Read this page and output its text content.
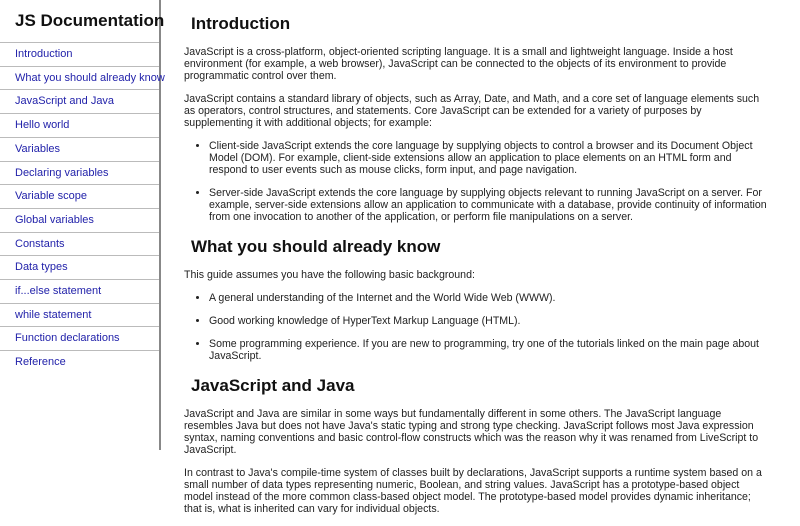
JS Documentation
Introduction
What you should already know
JavaScript and Java
Hello world
Variables
Declaring variables
Variable scope
Global variables
Constants
Data types
if...else statement
while statement
Function declarations
Reference
Introduction

JavaScript is a cross-platform, object-oriented scripting language. It is a small and lightweight language. Inside a host environment (for example, a web browser), JavaScript can be connected to the objects of its environment to provide programmatic control over them.

JavaScript contains a standard library of objects, such as Array, Date, and Math, and a core set of language elements such as operators, control structures, and statements. Core JavaScript can be extended for a variety of purposes by supplementing it with additional objects; for example:

• Client-side JavaScript extends the core language by supplying objects to control a browser and its Document Object Model (DOM). For example, client-side extensions allow an application to place elements on an HTML form and respond to user events such as mouse clicks, form input, and page navigation.
• Server-side JavaScript extends the core language by supplying objects relevant to running JavaScript on a server. For example, server-side extensions allow an application to communicate with a database, provide continuity of information from one invocation to another of the application, or perform file manipulations on a server.
What you should already know

This guide assumes you have the following basic background:

• A general understanding of the Internet and the World Wide Web (WWW).
• Good working knowledge of HyperText Markup Language (HTML).
• Some programming experience. If you are new to programming, try one of the tutorials linked on the main page about JavaScript.
JavaScript and Java

JavaScript and Java are similar in some ways but fundamentally different in some others. The JavaScript language resembles Java but does not have Java's static typing and strong type checking. JavaScript follows most Java expression syntax, naming conventions and basic control-flow constructs which was the reason why it was renamed from LiveScript to JavaScript.

In contrast to Java's compile-time system of classes built by declarations, JavaScript supports a runtime system based on a small number of data types representing numeric, Boolean, and string values. JavaScript has a prototype-based object model instead of the more common class-based object model. The prototype-based model provides dynamic inheritance; that is, what is inherited can vary for individual objects.
